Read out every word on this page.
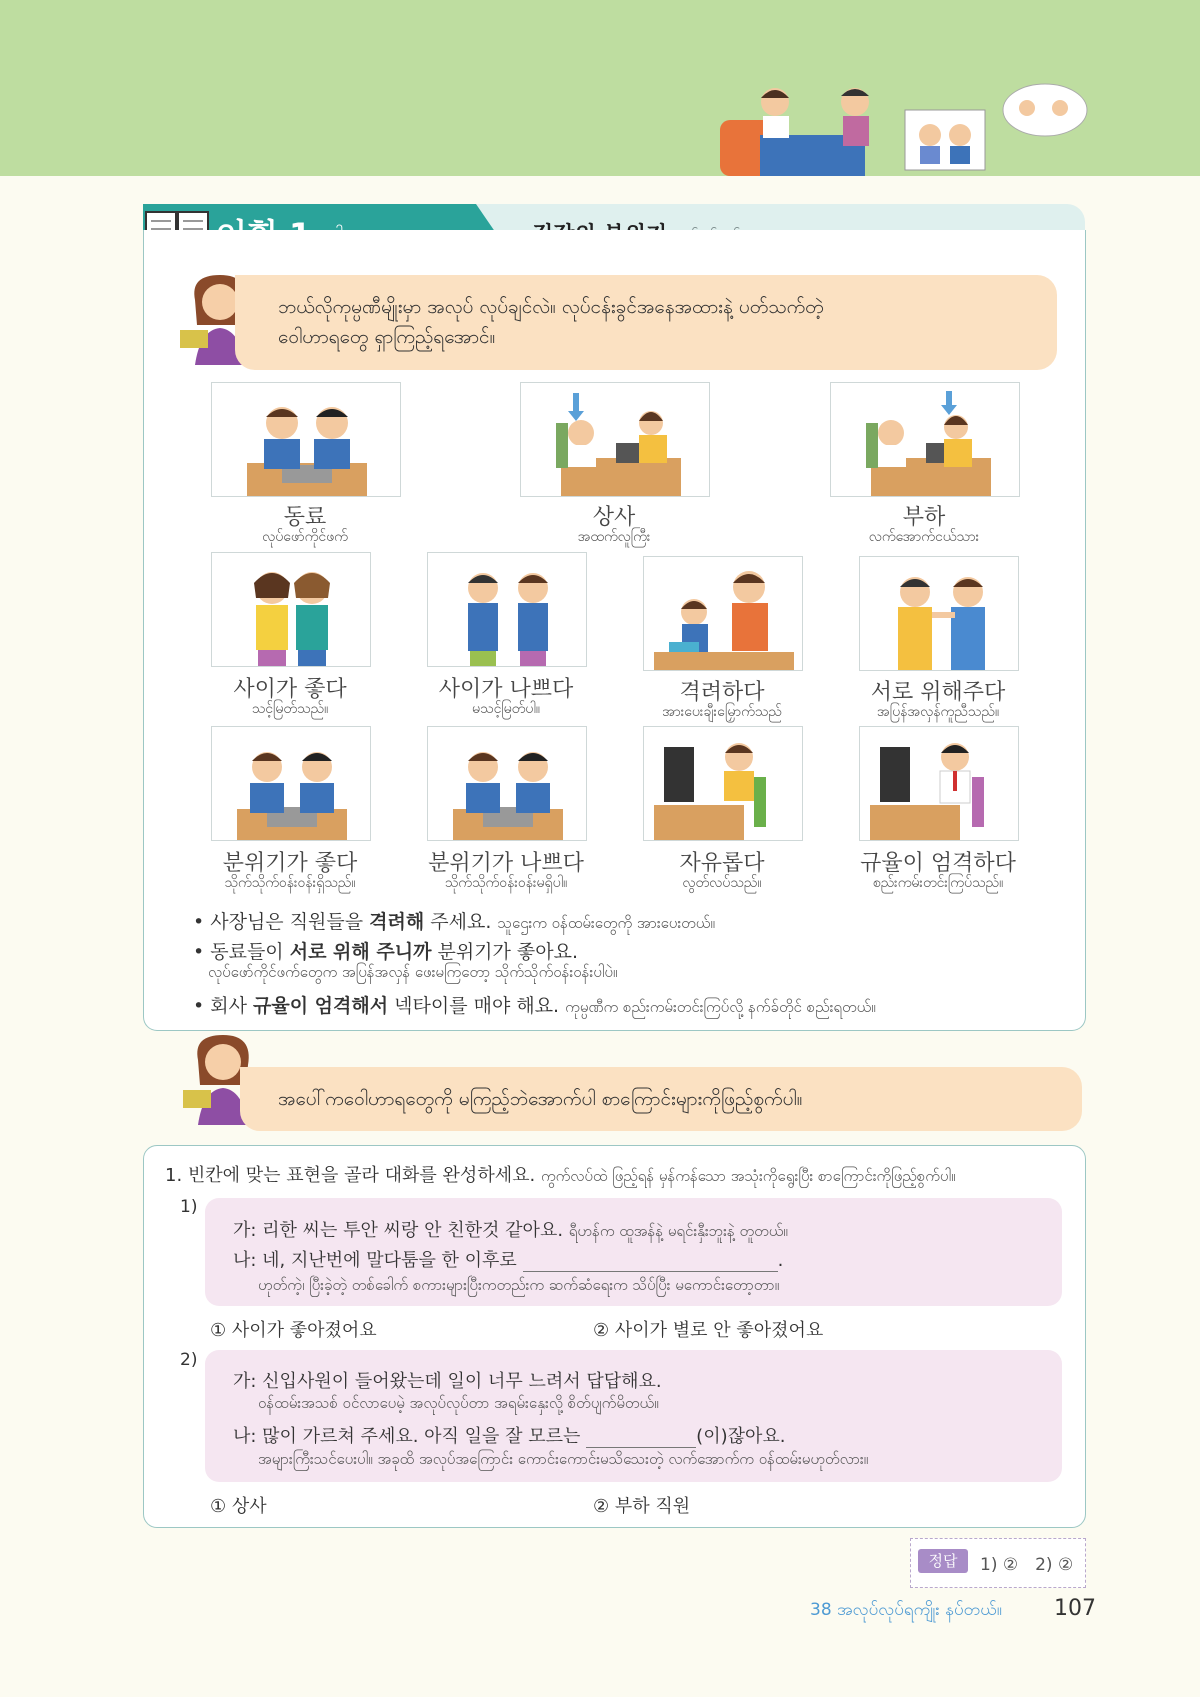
ဘယ်လိုကုမ္ပဏီမျိုးမှာ အလုပ် လုပ်ချင်လဲ။ လုပ်ငန်းခွင်အနေအထားနဲ့ ပတ်သက်တဲ့
ဝေါဟာရတွေ ရှာကြည့်ရအောင်။
동료
လုပ်ဖော်ကိုင်ဖက်
상사
အထက်လူကြီး
부하
လက်အောက်ငယ်သား
사이가 좋다
သင့်မြတ်သည်။
사이가 나쁘다
မသင့်မြတ်ပါ။
격려하다
အားပေးချီးမြှောက်သည်
서로 위해주다
အပြန်အလှန်ကူညီသည်။
분위기가 좋다
သိုက်သိုက်ဝန်းဝန်းရှိသည်။
분위기가 나쁘다
သိုက်သိုက်ဝန်းဝန်းမရှိပါ။
자유롭다
လွတ်လပ်သည်။
규율이 엄격하다
စည်းကမ်းတင်းကြပ်သည်။
• 사장님은 직원들을 격려해 주세요. သူဌေးက ဝန်ထမ်းတွေကို အားပေးတယ်။
• 동료들이 서로 위해 주니까 분위기가 좋아요.
လုပ်ဖော်ကိုင်ဖက်တွေက အပြန်အလှန် ဖေးမကြတော့ သိုက်သိုက်ဝန်းဝန်းပါပဲ။
• 회사 규율이 엄격해서 넥타이를 매야 해요. ကုမ္ပဏီက စည်းကမ်းတင်းကြပ်လို့ နက်ခ်တိုင် စည်းရတယ်။
အပေါ်ကဝေါဟာရတွေကို မကြည့်ဘဲအောက်ပါ စာကြောင်းများကိုဖြည့်စွက်ပါ။
1. 빈칸에 맞는 표현을 골라 대화를 완성하세요. ကွက်လပ်ထဲ ဖြည့်ရန် မှန်ကန်သော အသုံးကိုရွေးပြီး စာကြောင်းကိုဖြည့်စွက်ပါ။
1)
가: 리한 씨는 투안 씨랑 안 친한것 같아요. ရီဟန်က ထူအန်နဲ့ မရင်းနှီးဘူးနဲ့ တူတယ်။
나: 네, 지난번에 말다툼을 한 이후로	.
ဟုတ်ကဲ့၊ ပြီးခဲ့တဲ့ တစ်ခေါက် စကားများပြီးကတည်းက ဆက်ဆံရေးက သိပ်ပြီး မကောင်းတော့တာ။
① 사이가 좋아졌어요	② 사이가 별로 안 좋아졌어요
2)
가: 신입사원이 들어왔는데 일이 너무 느려서 답답해요.
ဝန်ထမ်းအသစ် ဝင်လာပေမဲ့ အလုပ်လုပ်တာ အရမ်းနှေးလို့ စိတ်ပျက်မိတယ်။
나: 많이 가르쳐 주세요. 아직 일을 잘 모르는	(이)잖아요.
အများကြီးသင်ပေးပါ။ အခုထိ အလုပ်အကြောင်း ကောင်းကောင်းမသိသေးတဲ့ လက်အောက်က ဝန်ထမ်းမဟုတ်လား။
① 상사	② 부하 직원
정답	1) ②　2) ②
38 အလုပ်လုပ်ရကျိုး နပ်တယ်။ 107
